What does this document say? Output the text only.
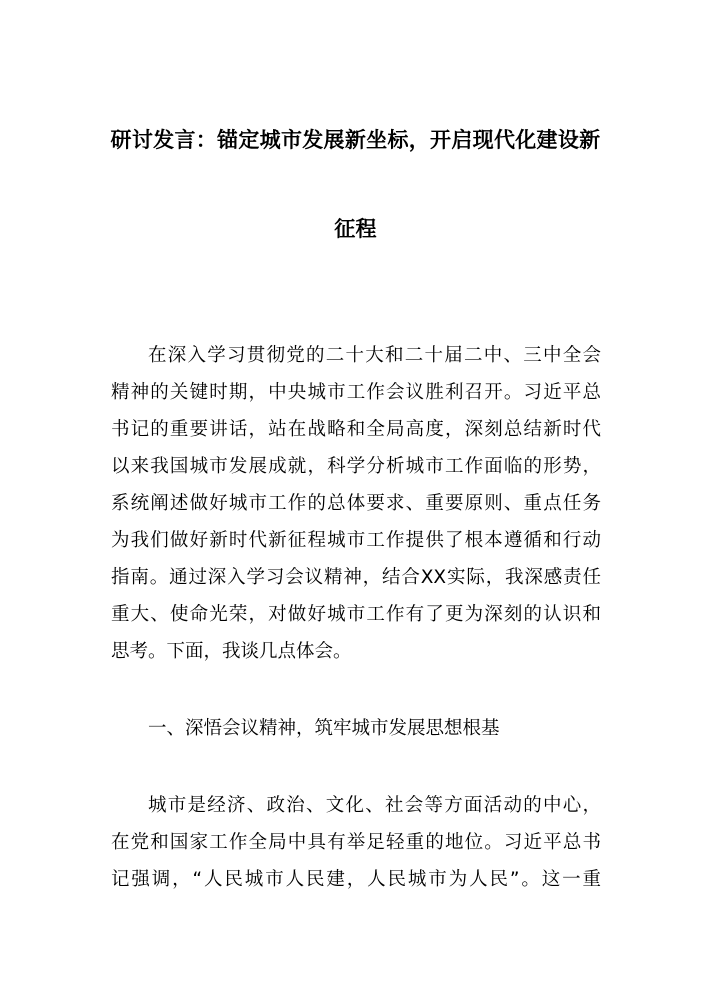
研讨发言：锚定城市发展新坐标，开启现代化建设新
征程
在深入学习贯彻党的二十大和二十届二中、三中全会
精神的关键时期，中央城市工作会议胜利召开。习近平总
书记的重要讲话，站在战略和全局高度，深刻总结新时代
以来我国城市发展成就，科学分析城市工作面临的形势，
系统阐述做好城市工作的总体要求、重要原则、重点任务
为我们做好新时代新征程城市工作提供了根本遵循和行动
指南。通过深入学习会议精神，结合XX实际，我深感责任
重大、使命光荣，对做好城市工作有了更为深刻的认识和
思考。下面，我谈几点体会。
一、深悟会议精神，筑牢城市发展思想根基
城市是经济、政治、文化、社会等方面活动的中心，
在党和国家工作全局中具有举足轻重的地位。习近平总书
记强调，“人民城市人民建，人民城市为人民”。这一重
